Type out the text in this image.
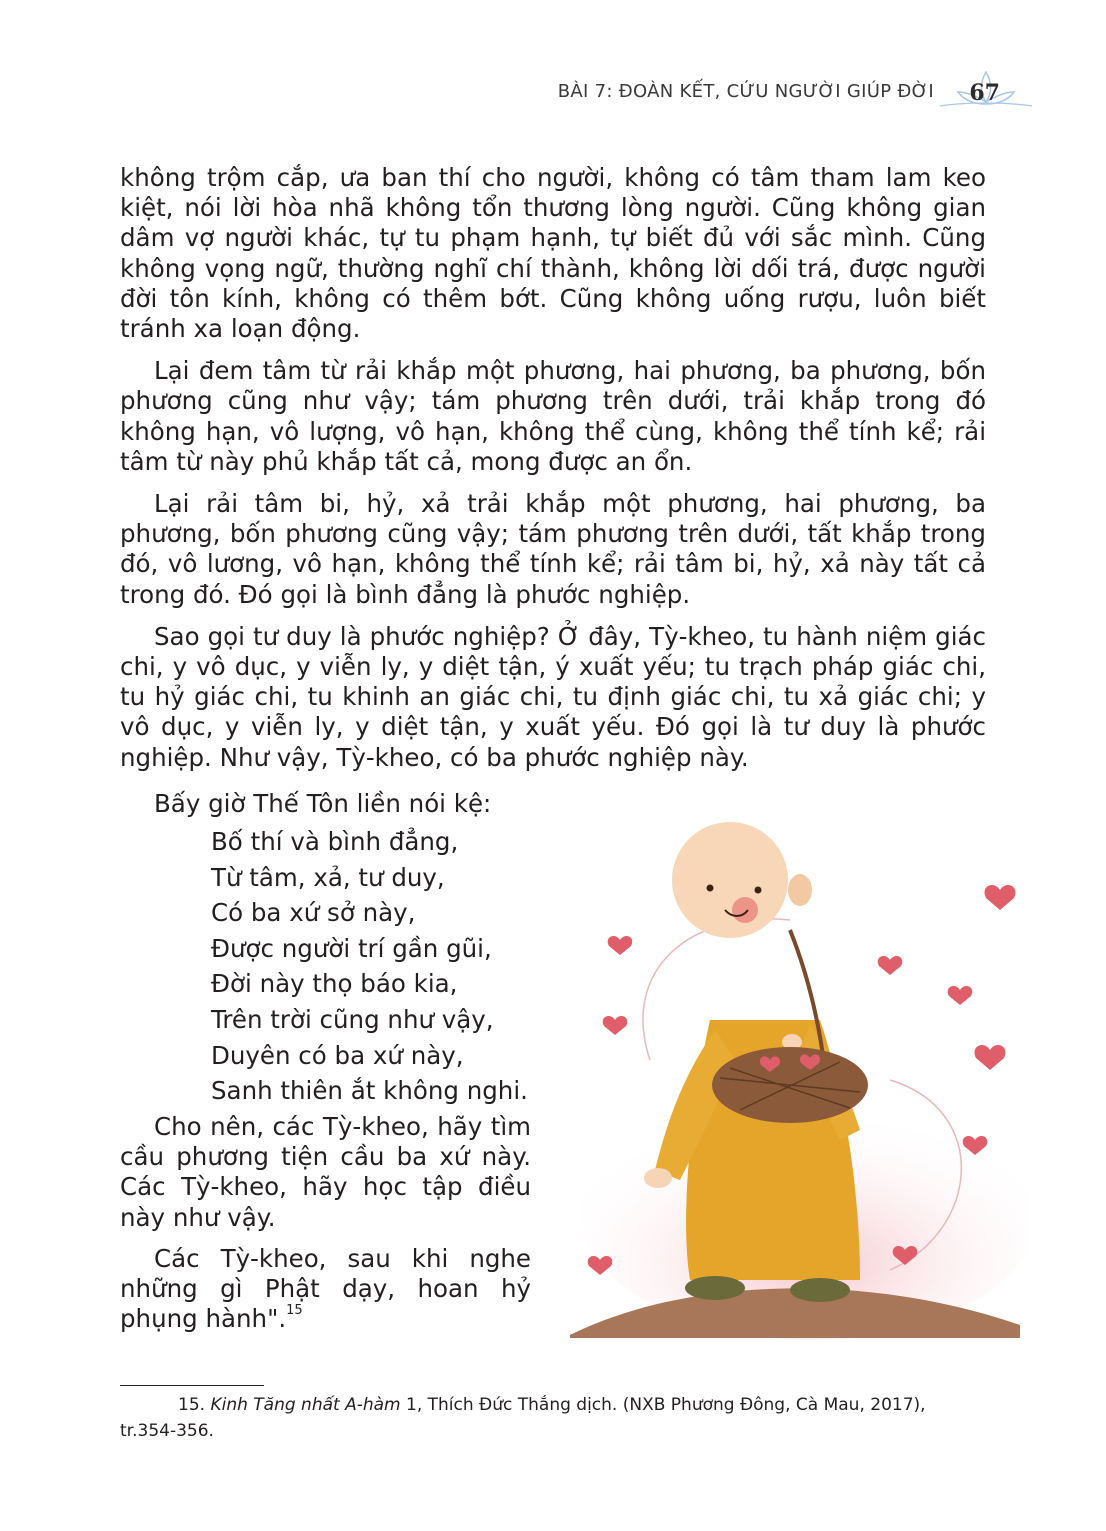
BÀI 7: ĐOÀN KẾT, CỨU NGƯỜI GIÚP ĐỜI 67

không trộm cắp, ưa ban thí cho người, không có tâm tham lam keo kiệt, nói lời hòa nhã không tổn thương lòng người. Cũng không gian dâm vợ người khác, tự tu phạm hạnh, tự biết đủ với sắc mình. Cũng không vọng ngữ, thường nghĩ chí thành, không lời dối trá, được người đời tôn kính, không có thêm bớt. Cũng không uống rượu, luôn biết tránh xa loạn động.

Lại đem tâm từ rải khắp một phương, hai phương, ba phương, bốn phương cũng như vậy; tám phương trên dưới, trải khắp trong đó không hạn, vô lượng, vô hạn, không thể cùng, không thể tính kể; rải tâm từ này phủ khắp tất cả, mong được an ổn.

Lại rải tâm bi, hỷ, xả trải khắp một phương, hai phương, ba phương, bốn phương cũng vậy; tám phương trên dưới, tất khắp trong đó, vô lương, vô hạn, không thể tính kể; rải tâm bi, hỷ, xả này tất cả trong đó. Đó gọi là bình đẳng là phước nghiệp.

Sao gọi tư duy là phước nghiệp? Ở đây, Tỳ-kheo, tu hành niệm giác chi, y vô dục, y viễn ly, y diệt tận, ý xuất yếu; tu trạch pháp giác chi, tu hỷ giác chi, tu khinh an giác chi, tu định giác chi, tu xả giác chi; y vô dục, y viễn ly, y diệt tận, y xuất yếu. Đó gọi là tư duy là phước nghiệp. Như vậy, Tỳ-kheo, có ba phước nghiệp này.

Bấy giờ Thế Tôn liền nói kệ:
Bố thí và bình đẳng,
Từ tâm, xả, tư duy,
Có ba xứ sở này,
Được người trí gần gũi,
Đời này thọ báo kia,
Trên trời cũng như vậy,
Duyên có ba xứ này,
Sanh thiên ắt không nghi.

Cho nên, các Tỳ-kheo, hãy tìm cầu phương tiện cầu ba xứ này. Các Tỳ-kheo, hãy học tập điều này như vậy.

Các Tỳ-kheo, sau khi nghe những gì Phật dạy, hoan hỷ phụng hành".$^{15}$

15. Kinh Tăng nhất A-hàm 1, Thích Đức Thắng dịch. (NXB Phương Đông, Cà Mau, 2017), tr.354-356.
